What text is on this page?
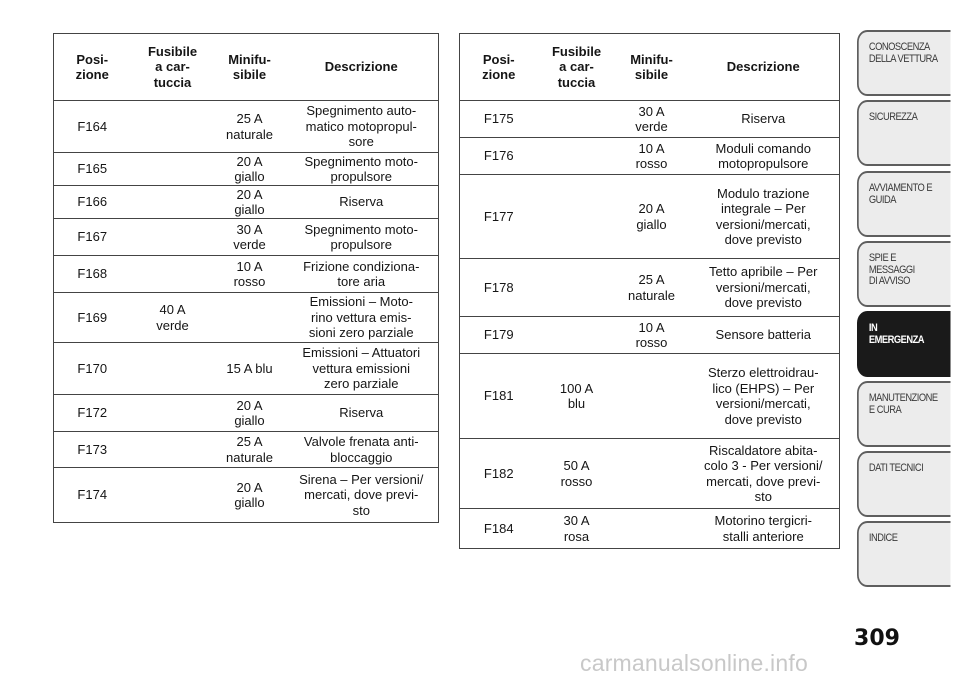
Posi-
zione	Fusibile
a car-
tuccia	Minifu-
sibile	Descrizione

F164		25 A
naturale	Spegnimento auto-
matico motopropul-
sore

F165		20 A
giallo	Spegnimento moto-
propulsore

F166		20 A
giallo	Riserva

F167		30 A
verde	Spegnimento moto-
propulsore

F168		10 A
rosso	Frizione condiziona-
tore aria

F169	40 A
verde		Emissioni – Moto-
rino vettura emis-
sioni zero parziale

F170		15 A blu	Emissioni – Attuatori
vettura emissioni
zero parziale

F172		20 A
giallo	Riserva

F173		25 A
naturale	Valvole frenata anti-
bloccaggio

F174		20 A
giallo	Sirena – Per versioni/
mercati, dove previ-
sto
Posi-
zione	Fusibile
a car-
tuccia	Minifu-
sibile	Descrizione

F175		30 A
verde	Riserva

F176		10 A
rosso	Moduli comando
motopropulsore

F177		20 A
giallo	Modulo trazione
integrale – Per
versioni/mercati,
dove previsto

F178		25 A
naturale	Tetto apribile – Per
versioni/mercati,
dove previsto

F179		10 A
rosso	Sensore batteria

F181	100 A
blu		Sterzo elettroidrau-
lico (EHPS) – Per
versioni/mercati,
dove previsto

F182	50 A
rosso		Riscaldatore abita-
colo 3 - Per versioni/
mercati, dove previ-
sto

F184	30 A
rosa		Motorino tergicri-
stalli anteriore
CONOSCENZA
DELLA VETTURA
SICUREZZA
AVVIAMENTO E
GUIDA
SPIE E
MESSAGGI
DI AVVISO
IN
EMERGENZA
MANUTENZIONE
E CURA
DATI TECNICI
INDICE
309
carmanualsonline.info
